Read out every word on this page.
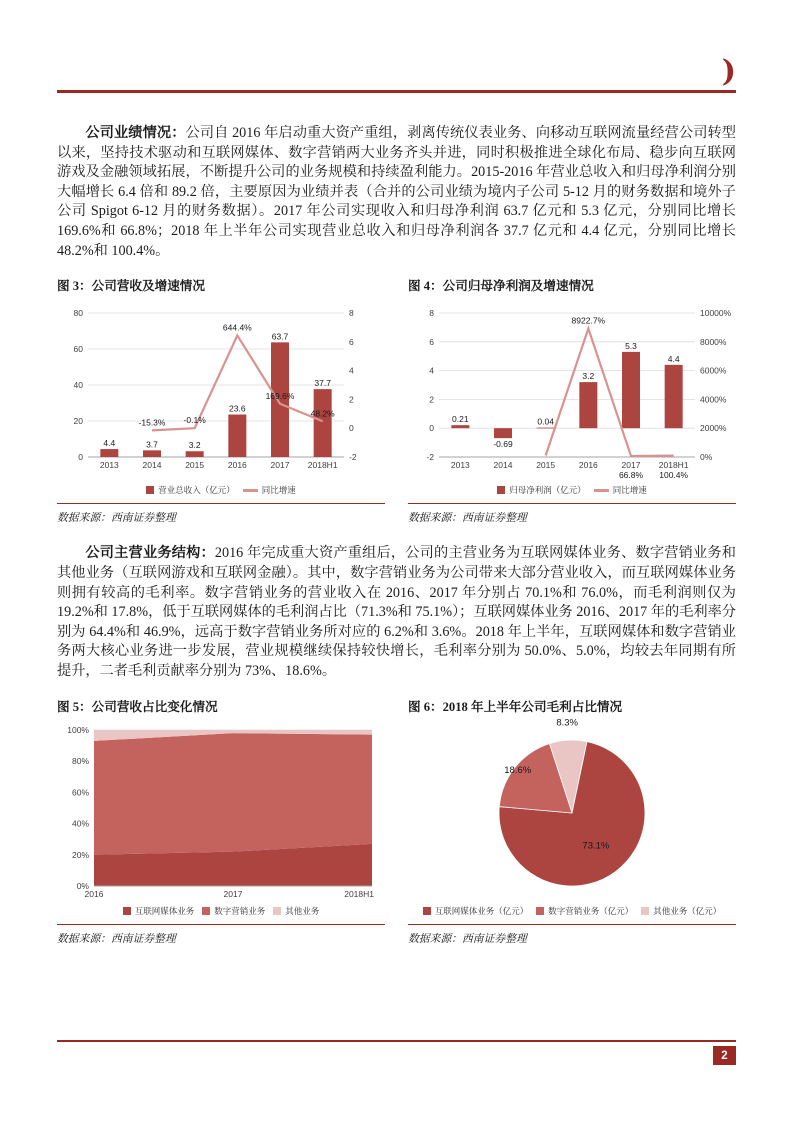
)

公司业绩情况：公司自 2016 年启动重大资产重组，剥离传统仪表业务、向移动互联网流量经营公司转型以来，坚持技术驱动和互联网媒体、数字营销两大业务齐头并进，同时积极推进全球化布局、稳步向互联网游戏及金融领域拓展，不断提升公司的业务规模和持续盈利能力。2015-2016 年营业总收入和归母净利润分别大幅增长 6.4 倍和 89.2 倍，主要原因为业绩并表（合并的公司业绩为境内子公司 5-12 月的财务数据和境外子公司 Spigot 6-12 月的财务数据）。2017 年公司实现收入和归母净利润 63.7 亿元和 5.3 亿元，分别同比增长 169.6%和 66.8%；2018 年上半年公司实现营业总收入和归母净利润各 37.7 亿元和 4.4 亿元，分别同比增长 48.2%和 100.4%。

图 3：公司营收及增速情况
0
20
40
60
80
-2
0
2
4
6
8
2013
4.4
2014
3.7
2015
3.2
2016
23.6
2017
63.7
2018H1
37.7
-15.3% -0.1%
644.4%
169.6%
48.2%
营业总收入（亿元）	同比增速
数据来源：西南证券整理
图 4：公司归母净利润及增速情况
-2
0
2
4
6
8
0%
2000%
4000%
6000%
8000%
10000%
2013
0.21
2014
-0.69
2015
0.04
2016
3.2
2017
5.3
2018H1
4.4
8922.7%
66.8% 100.4%
归母净利润（亿元）	同比增速
数据来源：西南证券整理

公司主营业务结构：2016 年完成重大资产重组后，公司的主营业务为互联网媒体业务、数字营销业务和其他业务（互联网游戏和互联网金融）。其中，数字营销业务为公司带来大部分营业收入，而互联网媒体业务则拥有较高的毛利率。数字营销业务的营业收入在 2016、2017 年分别占 70.1%和 76.0%，而毛利润则仅为 19.2%和 17.8%，低于互联网媒体的毛利润占比（71.3%和 75.1%）；互联网媒体业务 2016、2017 年的毛利率分别为 64.4%和 46.9%，远高于数字营销业务所对应的 6.2%和 3.6%。2018 年上半年，互联网媒体和数字营销业务两大核心业务进一步发展，营业规模继续保持较快增长，毛利率分别为 50.0%、5.0%，均较去年同期有所提升，二者毛利贡献率分别为 73%、18.6%。

图 5：公司营收占比变化情况
0%
20%
40%
60%
80%
100%
2016	2017	2018H1
互联网媒体业务 数字营销业务 其他业务
数据来源：西南证券整理
图 6：2018 年上半年公司毛利占比情况
8.3%
73.1%
18.6%
互联网媒体业务（亿元） 数字营销业务（亿元） 其他业务（亿元）
数据来源：西南证券整理
2
